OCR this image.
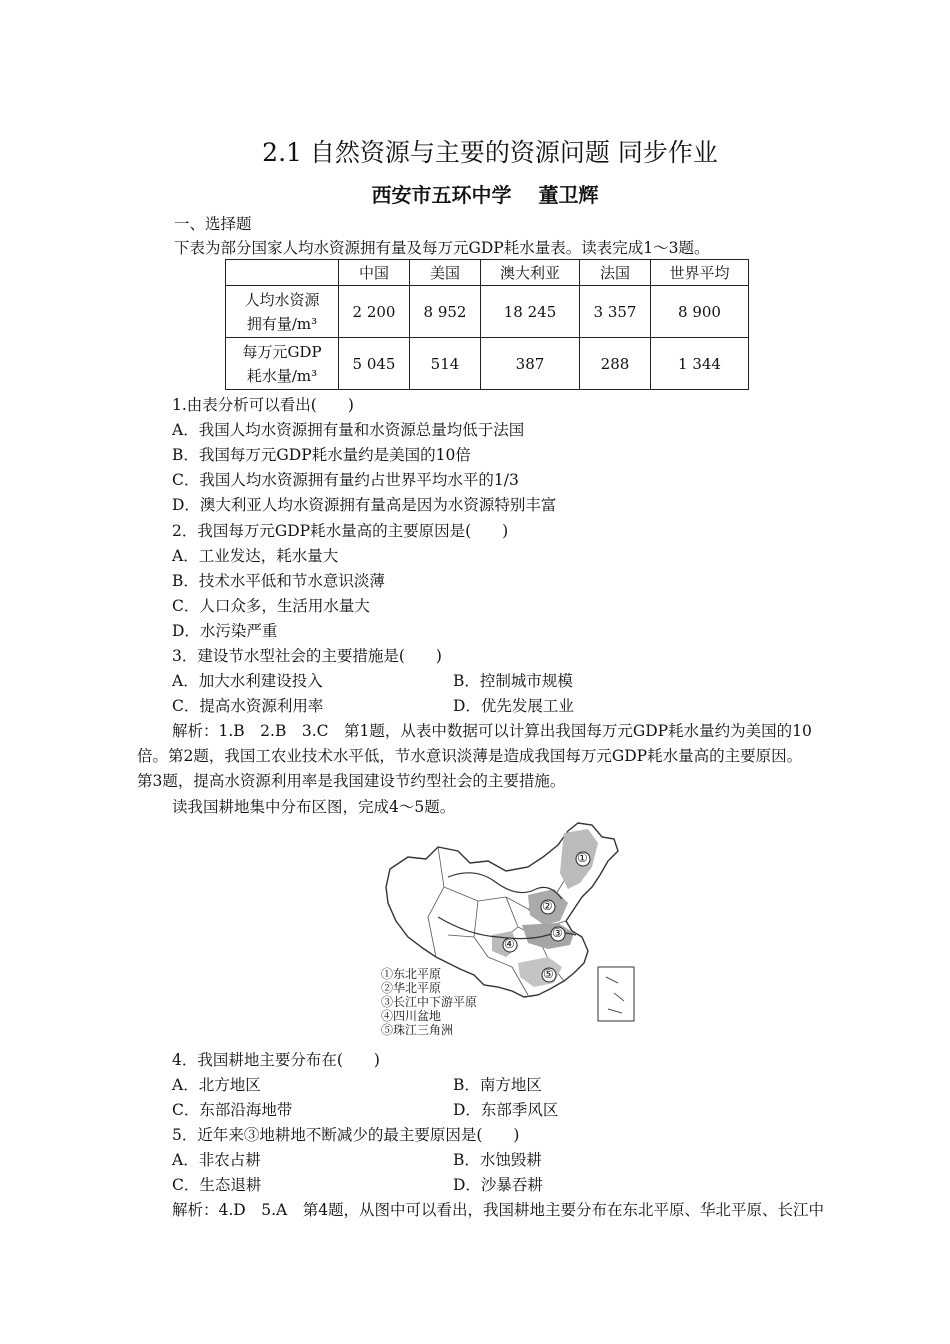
2.1 自然资源与主要的资源问题 同步作业
西安市五环中学 董卫辉
一、选择题
下表为部分国家人均水资源拥有量及每万元GDP耗水量表。读表完成1～3题。
	中国	美国	澳大利亚	法国	世界平均

人均水资源
拥有量/m³	2 200	8 952	18 245	3 357	8 900

每万元GDP
耗水量/m³	5 045	514	387	288	1 344
1.由表分析可以看出(　　)
A．我国人均水资源拥有量和水资源总量均低于法国
B．我国每万元GDP耗水量约是美国的10倍
C．我国人均水资源拥有量约占世界平均水平的1/3
D．澳大利亚人均水资源拥有量高是因为水资源特别丰富
2．我国每万元GDP耗水量高的主要原因是(　　)
A．工业发达，耗水量大
B．技术水平低和节水意识淡薄
C．人口众多，生活用水量大
D．水污染严重
3．建设节水型社会的主要措施是(　　)
A．加大水利建设投入	B．控制城市规模
C．提高水资源利用率	D．优先发展工业
解析：1.B　2.B　3.C　第1题，从表中数据可以计算出我国每万元GDP耗水量约为美国的10
倍。第2题，我国工农业技术水平低，节水意识淡薄是造成我国每万元GDP耗水量高的主要原因。
第3题，提高水资源利用率是我国建设节约型社会的主要措施。
读我国耕地集中分布区图，完成4～5题。
①
②
③
④
⑤
①东北平原
②华北平原
③长江中下游平原
④四川盆地
⑤珠江三角洲
4．我国耕地主要分布在(　　)
A．北方地区	B．南方地区
C．东部沿海地带	D．东部季风区
5．近年来③地耕地不断减少的最主要原因是(　　)
A．非农占耕	B．水蚀毁耕
C．生态退耕	D．沙暴吞耕
解析：4.D　5.A　第4题，从图中可以看出，我国耕地主要分布在东北平原、华北平原、长江中
